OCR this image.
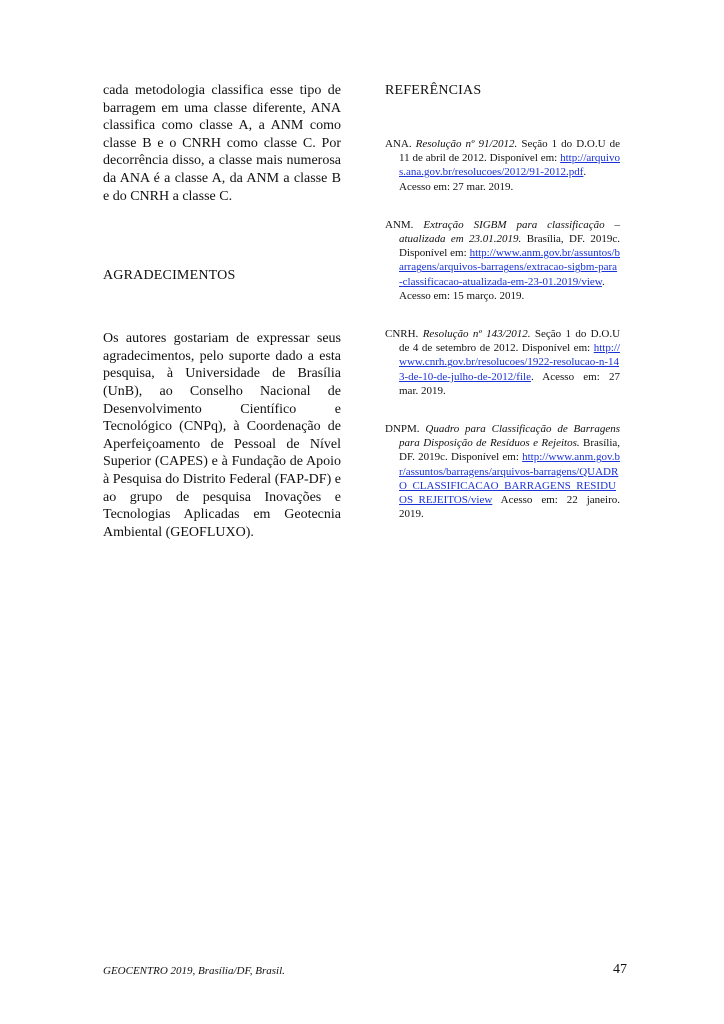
cada metodologia classifica esse tipo de barragem em uma classe diferente, ANA classifica como classe A, a ANM como classe B e o CNRH como classe C. Por decorrência disso, a classe mais numerosa da ANA é a classe A, da ANM a classe B e do CNRH a classe C.

AGRADECIMENTOS

Os autores gostariam de expressar seus agradecimentos, pelo suporte dado a esta pesquisa, à Universidade de Brasília (UnB), ao Conselho Nacional de Desenvolvimento Científico e Tecnológico (CNPq), à Coordenação de Aperfeiçoamento de Pessoal de Nível Superior (CAPES) e à Fundação de Apoio à Pesquisa do Distrito Federal (FAP-DF) e ao grupo de pesquisa Inovações e Tecnologias Aplicadas em Geotecnia Ambiental (GEOFLUXO).

REFERÊNCIAS

ANA. Resolução nº 91/2012. Seção 1 do D.O.U de 11 de abril de 2012. Disponível em: http://arquivos.ana.gov.br/resolucoes/2012/91-2012.pdf. Acesso em: 27 mar. 2019.

ANM. Extração SIGBM para classificação – atualizada em 23.01.2019. Brasília, DF. 2019c. Disponível em: http://www.anm.gov.br/assuntos/barragens/arquivos-barragens/extracao-sigbm-para-classificacao-atualizada-em-23-01.2019/view. Acesso em: 15 março. 2019.

CNRH. Resolução nº 143/2012. Seção 1 do D.O.U de 4 de setembro de 2012. Disponível em: http://www.cnrh.gov.br/resolucoes/1922-resolucao-n-143-de-10-de-julho-de-2012/file. Acesso em: 27 mar. 2019.

DNPM. Quadro para Classificação de Barragens para Disposição de Resíduos e Rejeitos. Brasília, DF. 2019c. Disponível em: http://www.anm.gov.br/assuntos/barragens/arquivos-barragens/QUADRO_CLASSIFICACAO_BARRAGENS_RESIDUOS_REJEITOS/view Acesso em: 22 janeiro. 2019.

GEOCENTRO 2019, Brasília/DF, Brasil.	47
